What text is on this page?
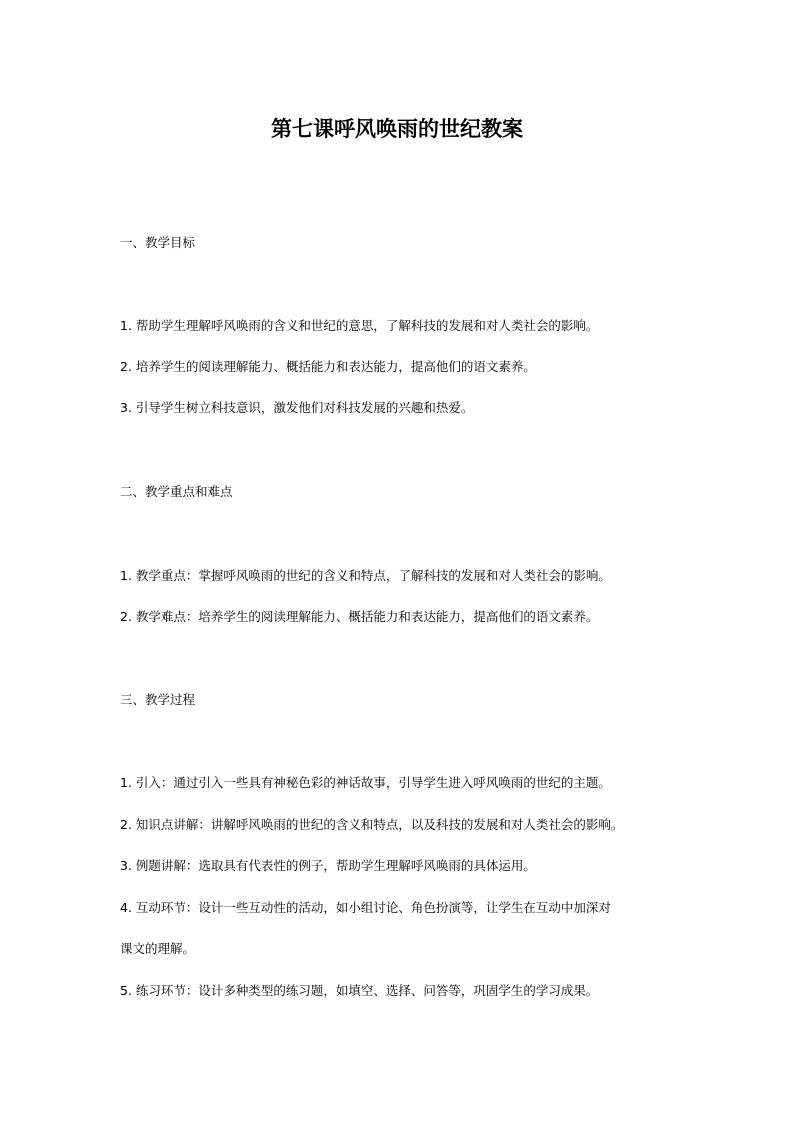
第七课呼风唤雨的世纪教案
一、教学目标
1. 帮助学生理解呼风唤雨的含义和世纪的意思，了解科技的发展和对人类社会的影响。
2. 培养学生的阅读理解能力、概括能力和表达能力，提高他们的语文素养。
3. 引导学生树立科技意识，激发他们对科技发展的兴趣和热爱。
二、教学重点和难点
1. 教学重点：掌握呼风唤雨的世纪的含义和特点，了解科技的发展和对人类社会的影响。
2. 教学难点：培养学生的阅读理解能力、概括能力和表达能力，提高他们的语文素养。
三、教学过程
1. 引入：通过引入一些具有神秘色彩的神话故事，引导学生进入呼风唤雨的世纪的主题。
2. 知识点讲解：讲解呼风唤雨的世纪的含义和特点，以及科技的发展和对人类社会的影响。
3. 例题讲解：选取具有代表性的例子，帮助学生理解呼风唤雨的具体运用。
4. 互动环节：设计一些互动性的活动，如小组讨论、角色扮演等，让学生在互动中加深对
课文的理解。
5. 练习环节：设计多种类型的练习题，如填空、选择、问答等，巩固学生的学习成果。
